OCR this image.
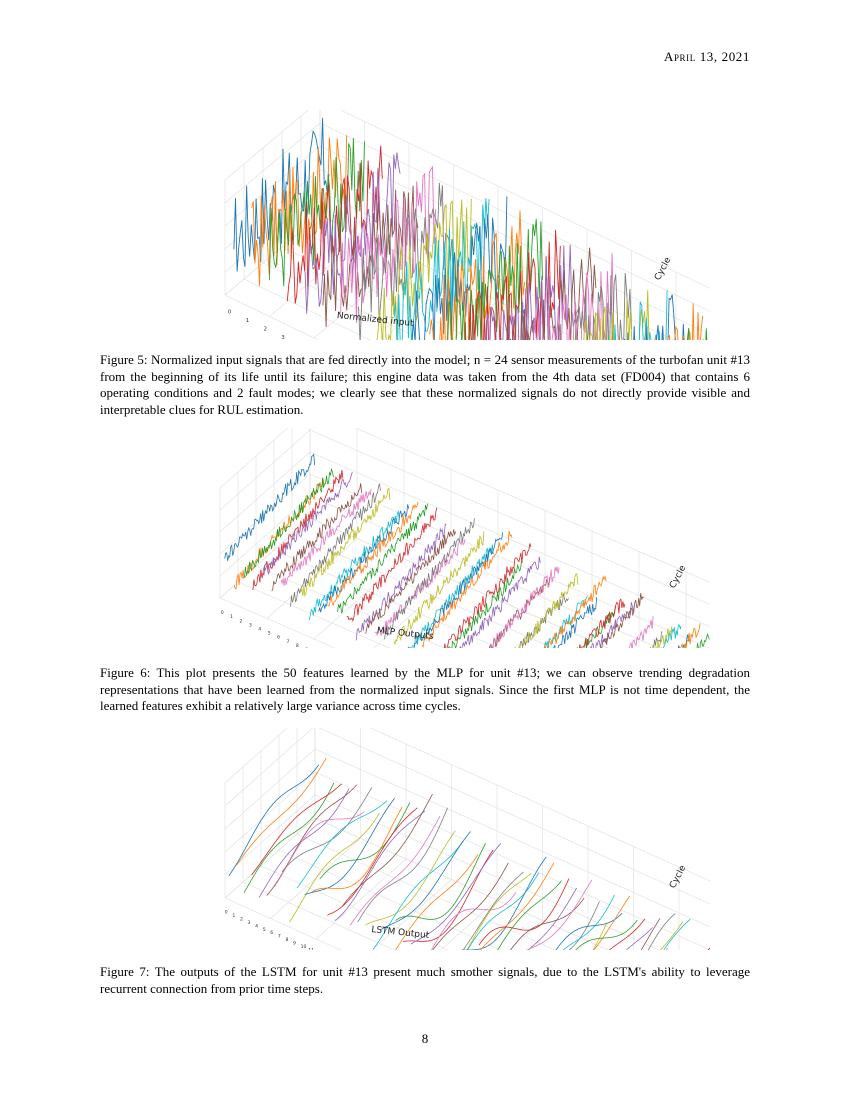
April 13, 2021
0
1
2
3
Normalized input
Cycle
Figure 5: Normalized input signals that are fed directly into the model; n = 24 sensor measurements of the turbofan unit #13 from the beginning of its life until its failure; this engine data was taken from the 4th data set (FD004) that contains 6 operating conditions and 2 fault modes; we clearly see that these normalized signals do not directly provide visible and interpretable clues for RUL estimation.
0
1
2
3
4
5
6
7
8
MLP Outputs
Cycle
Figure 6: This plot presents the 50 features learned by the MLP for unit #13; we can observe trending degradation representations that have been learned from the normalized input signals. Since the first MLP is not time dependent, the learned features exhibit a relatively large variance across time cycles.
0
1
2
3
4
5
6
7
8
9
10
LSTM Output
Cycle
Figure 7: The outputs of the LSTM for unit #13 present much smother signals, due to the LSTM's ability to leverage recurrent connection from prior time steps.
8
